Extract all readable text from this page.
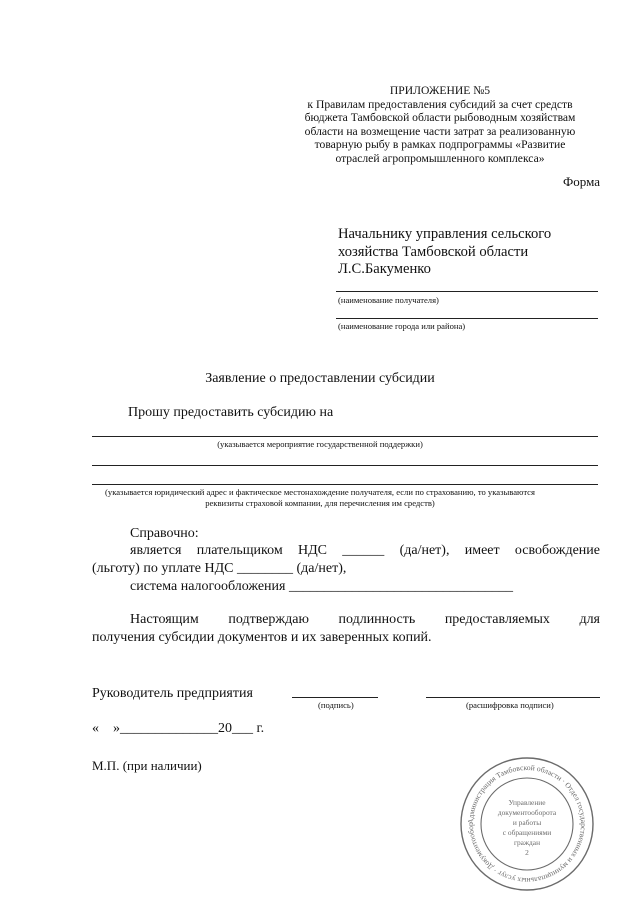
ПРИЛОЖЕНИЕ №5
к Правилам предоставления субсидий за счет средств
бюджета Тамбовской области рыбоводным хозяйствам
области на возмещение части затрат за реализованную
товарную рыбу в рамках подпрограммы «Развитие
отраслей агропромышленного комплекса»
Форма
Начальнику управления сельского
хозяйства Тамбовской области
Л.С.Бакуменко
(наименование получателя)
(наименование города или района)
Заявление о предоставлении субсидии
Прошу предоставить субсидию на
(указывается мероприятие государственной поддержки)
(указывается юридический адрес и фактическое местонахождение получателя, если по страхованию, то указываются
реквизиты страховой компании, для перечисления им средств)
Справочно:
является плательщиком НДС ______ (да/нет), имеет освобождение
(льготу) по уплате НДС ________ (да/нет),
система налогообложения ________________________________
Настоящим подтверждаю подлинность предоставляемых для
получения субсидии документов и их заверенных копий.
Руководитель предприятия
(подпись)	(расшифровка подписи)
«    »______________20___ г.
М.П. (при наличии)
Администрация Тамбовской области · Отдел государственных и муниципальных услуг · Документообор
Управление
документооборота
и работы
с обращениями
граждан
2
